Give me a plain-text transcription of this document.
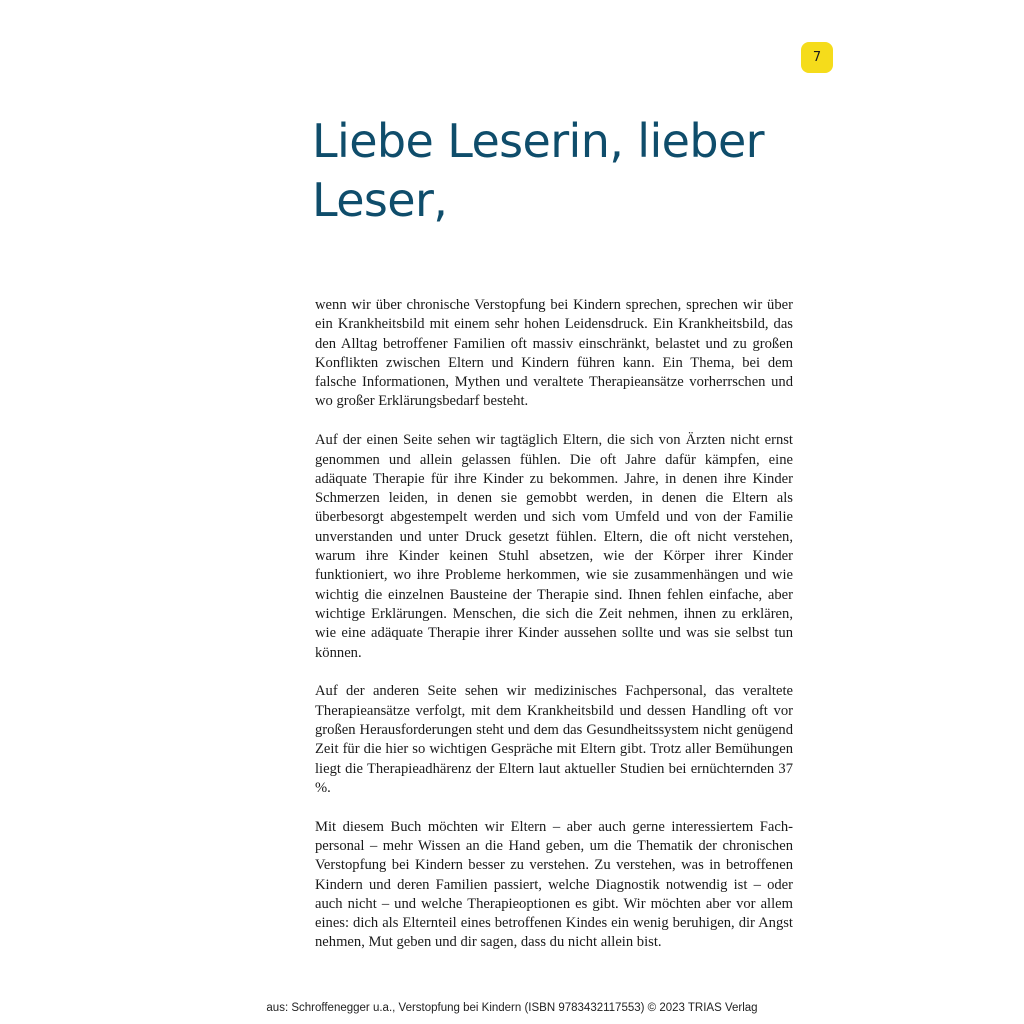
7
Liebe Leserin, lieber
Leser,

wenn wir über chronische Verstopfung bei Kindern sprechen, sprechen wir über ein Krankheitsbild mit einem sehr hohen Leidensdruck. Ein Krankheitsbild, das den Alltag betroffener Familien oft massiv einschränkt, belastet und zu großen Konflikten zwischen Eltern und Kindern führen kann. Ein Thema, bei dem falsche Informationen, Mythen und veraltete Therapieansätze vorherrschen und wo großer Erklärungsbedarf besteht.

Auf der einen Seite sehen wir tagtäglich Eltern, die sich von Ärzten nicht ernst genommen und allein gelassen fühlen. Die oft Jahre dafür kämpfen, eine adäquate Therapie für ihre Kinder zu bekommen. Jahre, in denen ihre Kinder Schmerzen leiden, in denen sie gemobbt werden, in denen die Eltern als überbesorgt abgestempelt werden und sich vom Umfeld und von der Familie unverstanden und unter Druck gesetzt fühlen. Eltern, die oft nicht verstehen, warum ihre Kinder keinen Stuhl absetzen, wie der Körper ihrer Kinder funktioniert, wo ihre Probleme herkommen, wie sie zusammenhängen und wie wichtig die einzelnen Bausteine der Therapie sind. Ihnen fehlen einfache, aber wichtige Erklärungen. Menschen, die sich die Zeit nehmen, ihnen zu erklären, wie eine adäquate Therapie ihrer Kinder aussehen sollte und was sie selbst tun können.

Auf der anderen Seite sehen wir medizinisches Fachpersonal, das veraltete Therapieansätze verfolgt, mit dem Krankheitsbild und dessen Handling oft vor großen Herausforderungen steht und dem das Gesundheitssystem nicht genügend Zeit für die hier so wichtigen Gespräche mit Eltern gibt. Trotz aller Bemühungen liegt die Therapieadhärenz der Eltern laut aktueller Studien bei ernüchternden 37 %.

Mit diesem Buch möchten wir Eltern – aber auch gerne interessiertem Fachpersonal – mehr Wissen an die Hand geben, um die Thematik der chronischen Verstopfung bei Kindern besser zu verstehen. Zu verstehen, was in betroffenen Kindern und deren Familien passiert, welche Diagnostik notwendig ist – oder auch nicht – und welche Therapieoptionen es gibt. Wir möchten aber vor allem eines: dich als Elternteil eines betroffenen Kindes ein wenig beruhigen, dir Angst nehmen, Mut geben und dir sagen, dass du nicht allein bist.

aus: Schroffenegger u.a., Verstopfung bei Kindern (ISBN 9783432117553) © 2023 TRIAS Verlag
